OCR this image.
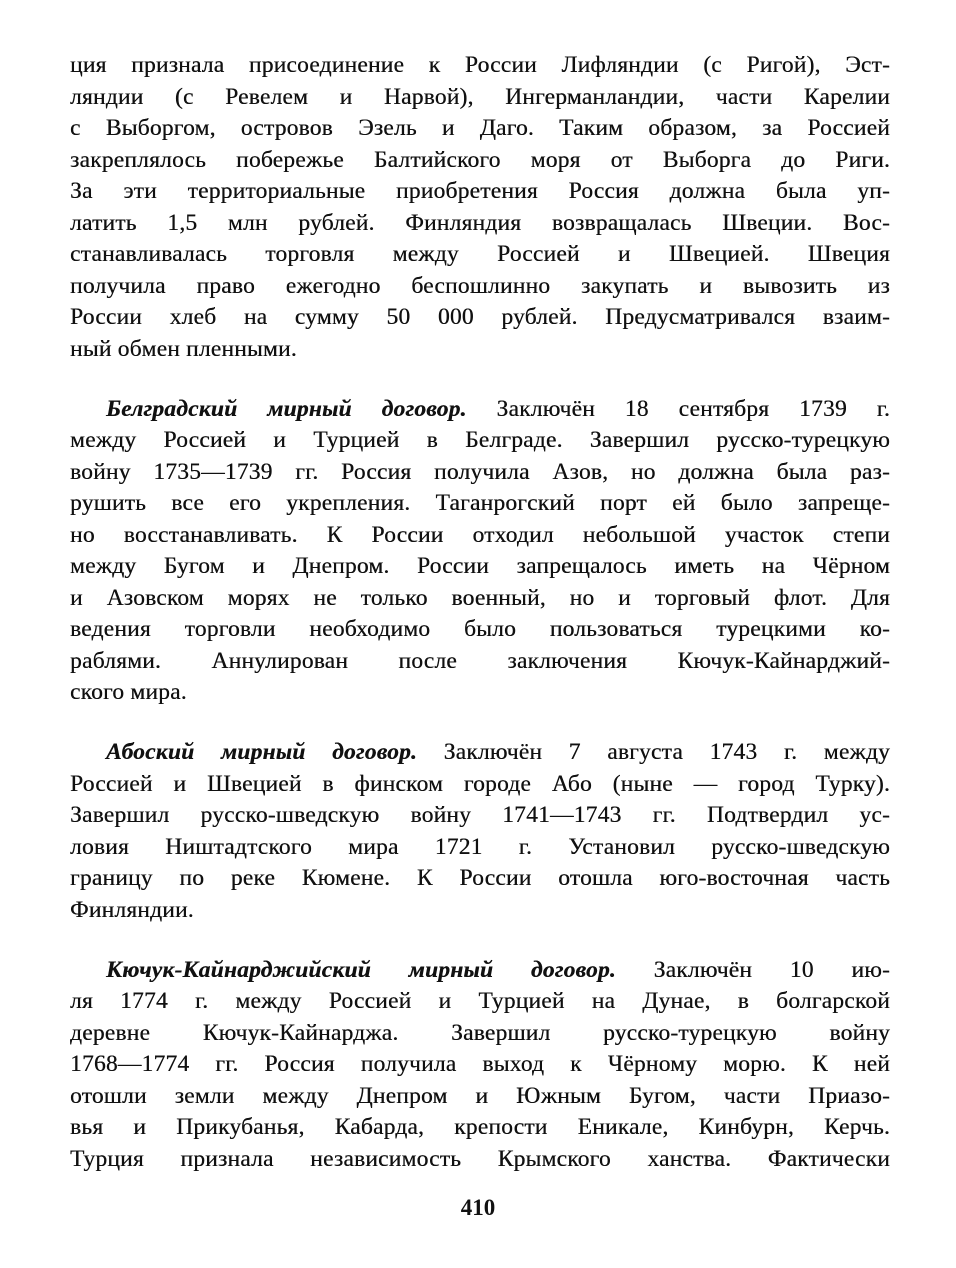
ция признала присоединение к России Лифляндии (с Ригой), Эст-
ляндии (с Ревелем и Нарвой), Ингерманландии, части Карелии
с Выборгом, островов Эзель и Даго. Таким образом, за Россией
закреплялось побережье Балтийского моря от Выборга до Риги.
За эти территориальные приобретения Россия должна была уп-
латить 1,5 млн рублей. Финляндия возвращалась Швеции. Вос-
станавливалась торговля между Россией и Швецией. Швеция
получила право ежегодно беспошлинно закупать и вывозить из
России хлеб на сумму 50 000 рублей. Предусматривался взаим-
ный обмен пленными.
Белградский мирный договор. Заключён 18 сентября 1739 г.
между Россией и Турцией в Белграде. Завершил русско-турецкую
войну 1735—1739 гг. Россия получила Азов, но должна была раз-
рушить все его укрепления. Таганрогский порт ей было запреще-
но восстанавливать. К России отходил небольшой участок степи
между Бугом и Днепром. России запрещалось иметь на Чёрном
и Азовском морях не только военный, но и торговый флот. Для
ведения торговли необходимо было пользоваться турецкими ко-
раблями. Аннулирован после заключения Кючук-Кайнарджий-
ского мира.
Абоский мирный договор. Заключён 7 августа 1743 г. между
Россией и Швецией в финском городе Або (ныне — город Турку).
Завершил русско-шведскую войну 1741—1743 гг. Подтвердил ус-
ловия Ништадтского мира 1721 г. Установил русско-шведскую
границу по реке Кюмене. К России отошла юго-восточная часть
Финляндии.
Кючук-Кайнарджийский мирный договор. Заключён 10 ию-
ля 1774 г. между Россией и Турцией на Дунае, в болгарской
деревне Кючук-Кайнарджа. Завершил русско-турецкую войну
1768—1774 гг. Россия получила выход к Чёрному морю. К ней
отошли земли между Днепром и Южным Бугом, части Приазо-
вья и Прикубанья, Кабарда, крепости Еникале, Кинбурн, Керчь.
Турция признала независимость Крымского ханства. Фактически
410
